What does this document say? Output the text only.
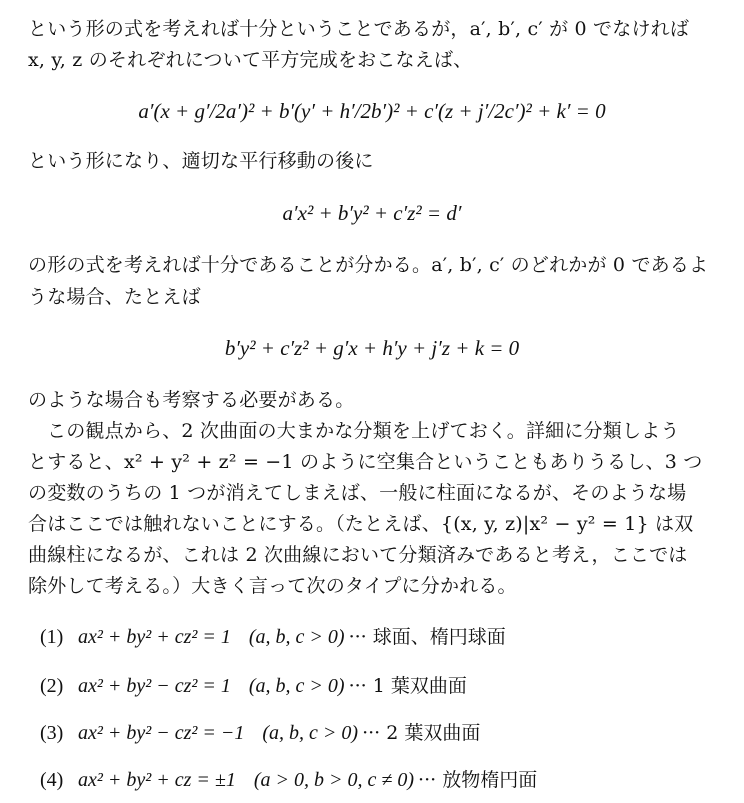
という形の式を考えれば十分ということであるが，a′, b′, c′ が 0 でなければ
x, y, z のそれぞれについて平方完成をおこなえば、
a′(x + g′/2a′)² + b′(y′ + h′/2b′)² + c′(z + j′/2c′)² + k′ = 0
という形になり、適切な平行移動の後に
a′x² + b′y² + c′z² = d′
の形の式を考えれば十分であることが分かる。a′, b′, c′ のどれかが 0 であるよ
うな場合、たとえば
b′y² + c′z² + g′x + h′y + j′z + k = 0
のような場合も考察する必要がある。
この観点から、2 次曲面の大まかな分類を上げておく。詳細に分類しよう
とすると、x² + y² + z² = −1 のように空集合ということもありうるし、3 つ
の変数のうちの 1 つが消えてしまえば、一般に柱面になるが、そのような場
合はここでは触れないことにする。（たとえば、{(x, y, z)|x² − y² = 1} は双
曲線柱になるが、これは 2 次曲線において分類済みであると考え，ここでは
除外して考える。）大きく言って次のタイプに分かれる。
(1) ax² + by² + cz² = 1 (a, b, c > 0) ··· 球面、楕円球面
(2) ax² + by² − cz² = 1 (a, b, c > 0) ··· 1 葉双曲面
(3) ax² + by² − cz² = −1 (a, b, c > 0) ··· 2 葉双曲面
(4) ax² + by² + cz = ±1 (a > 0, b > 0, c ≠ 0) ··· 放物楕円面
